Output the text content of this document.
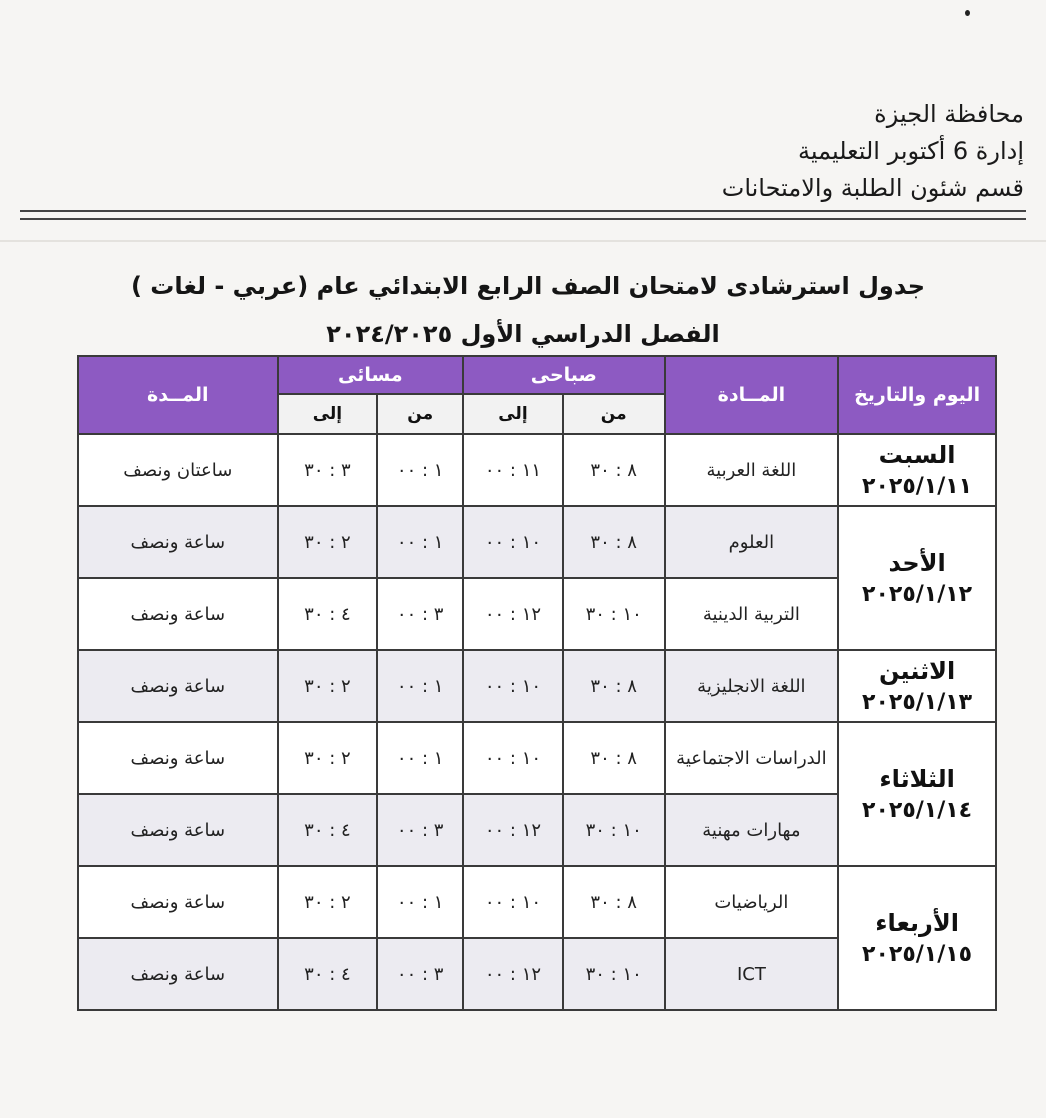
محافظة الجيزة
إدارة 6 أكتوبر التعليمية
قسم شئون الطلبة والامتحانات
جدول استرشادى لامتحان الصف الرابع الابتدائي عام (عربي - لغات )
الفصل الدراسي الأول ٢٠٢٤/٢٠٢٥
اليوم والتاريخ	المــادة	صباحى		مسائى		المــدة
		من	إلى	من	إلى	

السبت
٢٠٢٥/١/١١	اللغة العربية	٨ : ٣٠	١١ : ٠٠	١ : ٠٠	٣ : ٣٠	ساعتان ونصف

الأحد
٢٠٢٥/١/١٢	العلوم	٨ : ٣٠	١٠ : ٠٠	١ : ٠٠	٢ : ٣٠	ساعة ونصف
	التربية الدينية	١٠ : ٣٠	١٢ : ٠٠	٣ : ٠٠	٤ : ٣٠	ساعة ونصف

الاثنين
٢٠٢٥/١/١٣	اللغة الانجليزية	٨ : ٣٠	١٠ : ٠٠	١ : ٠٠	٢ : ٣٠	ساعة ونصف

الثلاثاء
٢٠٢٥/١/١٤	الدراسات الاجتماعية	٨ : ٣٠	١٠ : ٠٠	١ : ٠٠	٢ : ٣٠	ساعة ونصف
	مهارات مهنية	١٠ : ٣٠	١٢ : ٠٠	٣ : ٠٠	٤ : ٣٠	ساعة ونصف

الأربعاء
٢٠٢٥/١/١٥	الرياضيات	٨ : ٣٠	١٠ : ٠٠	١ : ٠٠	٢ : ٣٠	ساعة ونصف
	ICT	١٠ : ٣٠	١٢ : ٠٠	٣ : ٠٠	٤ : ٣٠	ساعة ونصف
